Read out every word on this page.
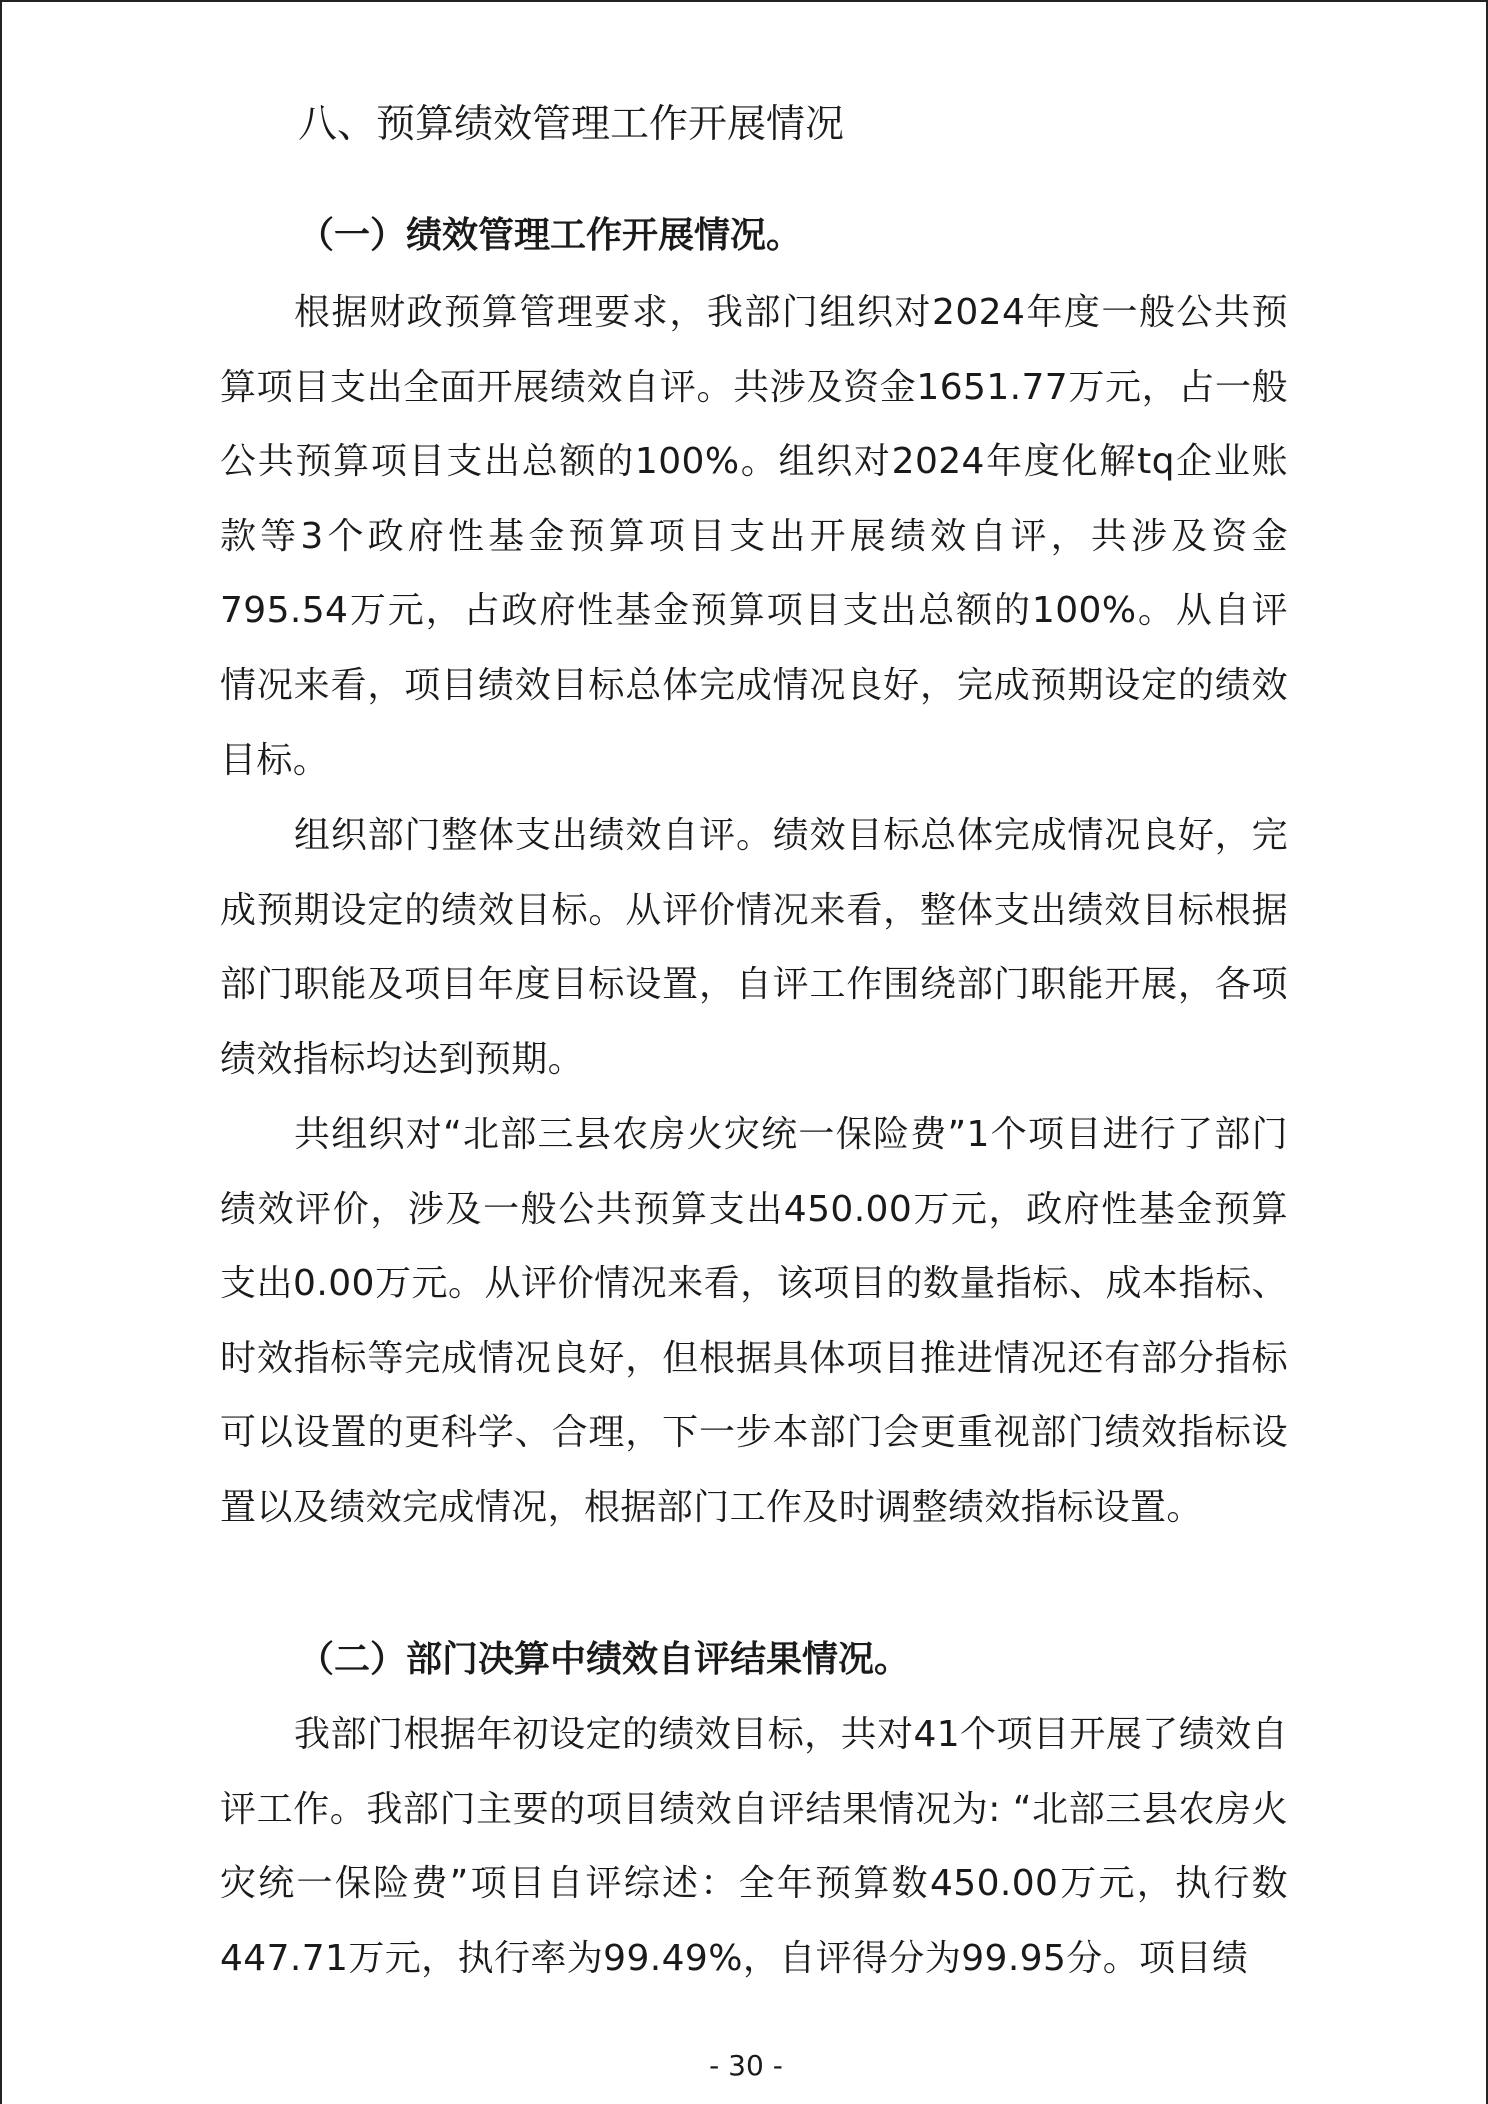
八、预算绩效管理工作开展情况
（一）绩效管理工作开展情况。

根据财政预算管理要求，我部门组织对2024年度一般公共预算项目支出全面开展绩效自评。共涉及资金1651.77万元，占一般公共预算项目支出总额的100%。组织对2024年度化解tq企业账款等3个政府性基金预算项目支出开展绩效自评，共涉及资金795.54万元，占政府性基金预算项目支出总额的100%。从自评情况来看，项目绩效目标总体完成情况良好，完成预期设定的绩效目标。

组织部门整体支出绩效自评。绩效目标总体完成情况良好，完成预期设定的绩效目标。从评价情况来看，整体支出绩效目标根据部门职能及项目年度目标设置，自评工作围绕部门职能开展，各项绩效指标均达到预期。

共组织对“北部三县农房火灾统一保险费”1个项目进行了部门绩效评价，涉及一般公共预算支出450.00万元，政府性基金预算支出0.00万元。从评价情况来看，该项目的数量指标、成本指标、时效指标等完成情况良好，但根据具体项目推进情况还有部分指标可以设置的更科学、合理，下一步本部门会更重视部门绩效指标设置以及绩效完成情况，根据部门工作及时调整绩效指标设置。

（二）部门决算中绩效自评结果情况。

我部门根据年初设定的绩效目标，共对41个项目开展了绩效自评工作。我部门主要的项目绩效自评结果情况为: “北部三县农房火灾统一保险费”项目自评综述：全年预算数450.00万元，执行数447.71万元，执行率为99.49%，自评得分为99.95分。项目绩

- 30 -
